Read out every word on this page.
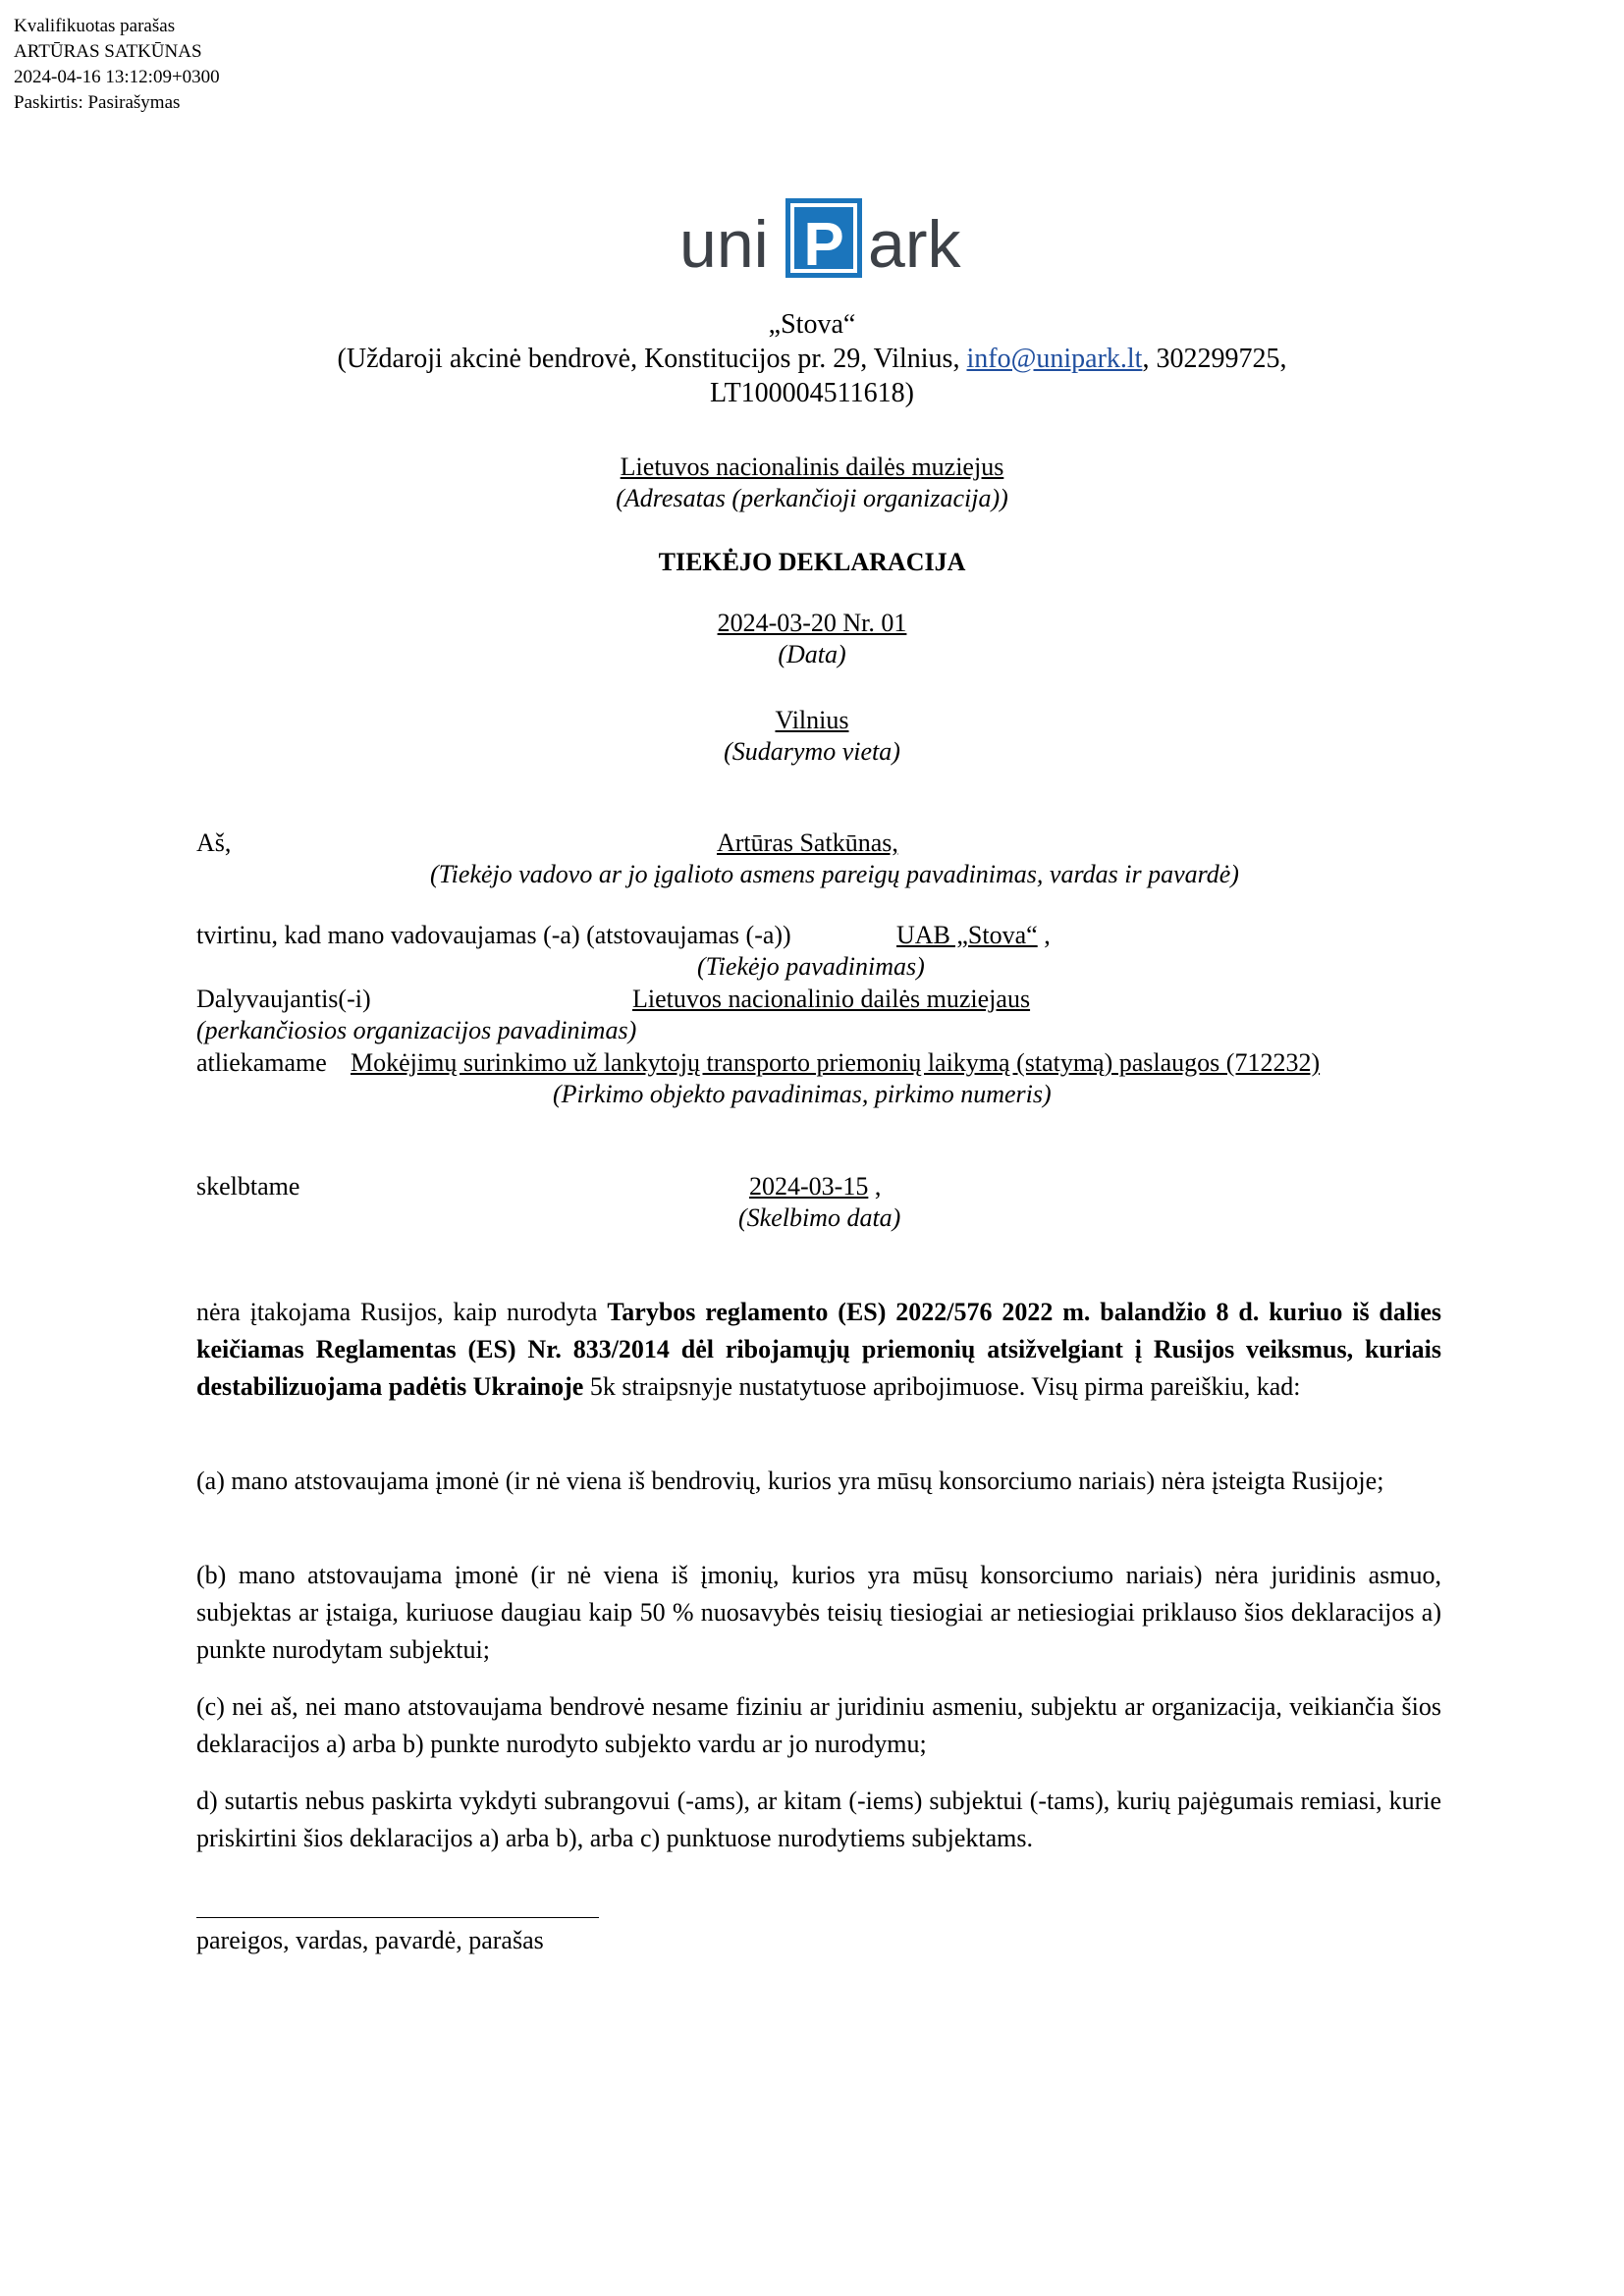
Kvalifikuotas parašas
ARTŪRAS SATKŪNAS
2024-04-16 13:12:09+0300
Paskirtis: Pasirašymas
uni P ark
„Stova“
(Uždaroji akcinė bendrovė, Konstitucijos pr. 29, Vilnius, info@unipark.lt, 302299725,
LT100004511618)
Lietuvos nacionalinis dailės muziejus
(Adresatas (perkančioji organizacija))
TIEKĖJO DEKLARACIJA
2024-03-20 Nr. 01
(Data)
Vilnius
(Sudarymo vieta)
Aš,	Artūras Satkūnas,
(Tiekėjo vadovo ar jo įgalioto asmens pareigų pavadinimas, vardas ir pavardė)
tvirtinu, kad mano vadovaujamas (-a) (atstovaujamas (-a))	UAB „Stova“ ,
(Tiekėjo pavadinimas)
Dalyvaujantis(-i)	Lietuvos nacionalinio dailės muziejaus
(perkančiosios organizacijos pavadinimas)
atliekamame Mokėjimų surinkimo už lankytojų transporto priemonių laikymą (statymą) paslaugos (712232)
(Pirkimo objekto pavadinimas, pirkimo numeris)
skelbtame	2024-03-15 ,
(Skelbimo data)
nėra įtakojama Rusijos, kaip nurodyta Tarybos reglamento (ES) 2022/576 2022 m. balandžio 8 d. kuriuo iš dalies keičiamas Reglamentas (ES) Nr. 833/2014 dėl ribojamųjų priemonių atsižvelgiant į Rusijos veiksmus, kuriais destabilizuojama padėtis Ukrainoje 5k straipsnyje nustatytuose apribojimuose. Visų pirma pareiškiu, kad:
(a) mano atstovaujama įmonė (ir nė viena iš bendrovių, kurios yra mūsų konsorciumo nariais) nėra įsteigta Rusijoje;
(b) mano atstovaujama įmonė (ir nė viena iš įmonių, kurios yra mūsų konsorciumo nariais) nėra juridinis asmuo, subjektas ar įstaiga, kuriuose daugiau kaip 50 % nuosavybės teisių tiesiogiai ar netiesiogiai priklauso šios deklaracijos a) punkte nurodytam subjektui;
(c) nei aš, nei mano atstovaujama bendrovė nesame fiziniu ar juridiniu asmeniu, subjektu ar organizacija, veikiančia šios deklaracijos a) arba b) punkte nurodyto subjekto vardu ar jo nurodymu;
d) sutartis nebus paskirta vykdyti subrangovui (-ams), ar kitam (-iems) subjektui (-tams), kurių pajėgumais remiasi, kurie priskirtini šios deklaracijos a) arba b), arba c) punktuose nurodytiems subjektams.
pareigos, vardas, pavardė, parašas
